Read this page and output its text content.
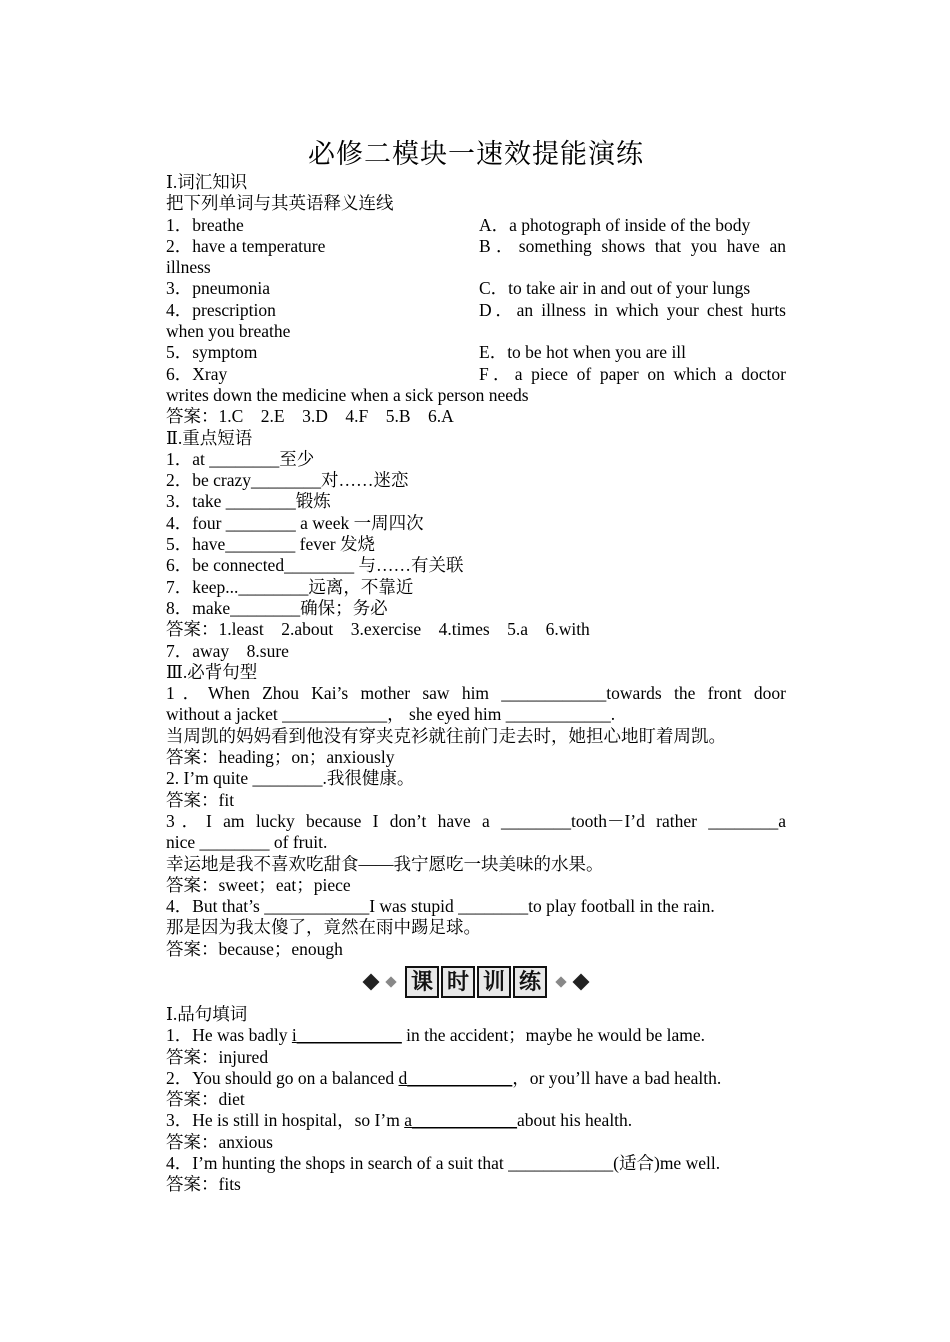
必修二模块一速效提能演练
Ⅰ.词汇知识
把下列单词与其英语释义连线
1．breathe	A．a photograph of inside of the body
2．have a temperature	B．something shows that you have an
illness
3．pneumonia	C．to take air in and out of your lungs
4．prescription	D．an illness in which your chest hurts
when you breathe
5．symptom	E．to be hot when you are ill
6．Xray	F．a piece of paper on which a doctor
writes down the medicine when a sick person needs
答案：1.C　2.E　3.D　4.F　5.B　6.A
Ⅱ.重点短语
1．at ________至少
2．be crazy________对……迷恋
3．take ________锻炼
4．four ________ a week 一周四次
5．have________ fever 发烧
6．be connected________ 与……有关联
7．keep...________远离，不靠近
8．make________确保；务必
答案：1.least　2.about　3.exercise　4.times　5.a　6.with
7．away　8.sure
Ⅲ.必背句型
1．When Zhou Kai’s mother saw him ____________towards the front door
without a jacket ____________， she eyed him ____________.
当周凯的妈妈看到他没有穿夹克衫就往前门走去时，她担心地盯着周凯。
答案：heading；on；anxiously
2. I’m quite ________.我很健康。
答案：fit
3．I am lucky because I don’t have a ________tooth－I’d rather ________a
nice ________ of fruit.
幸运地是我不喜欢吃甜食——我宁愿吃一块美味的水果。
答案：sweet；eat；piece
4．But that’s ____________I was stupid ________to play football in the rain.
那是因为我太傻了，竟然在雨中踢足球。
答案：because；enough
课 时 训 练
Ⅰ.品句填词
1．He was badly i____________ in the accident；maybe he would be lame.
答案：injured
2．You should go on a balanced d____________，or you’ll have a bad health.
答案：diet
3．He is still in hospital，so I’m a____________about his health.
答案：anxious
4．I’m hunting the shops in search of a suit that ____________(适合)me well.
答案：fits
